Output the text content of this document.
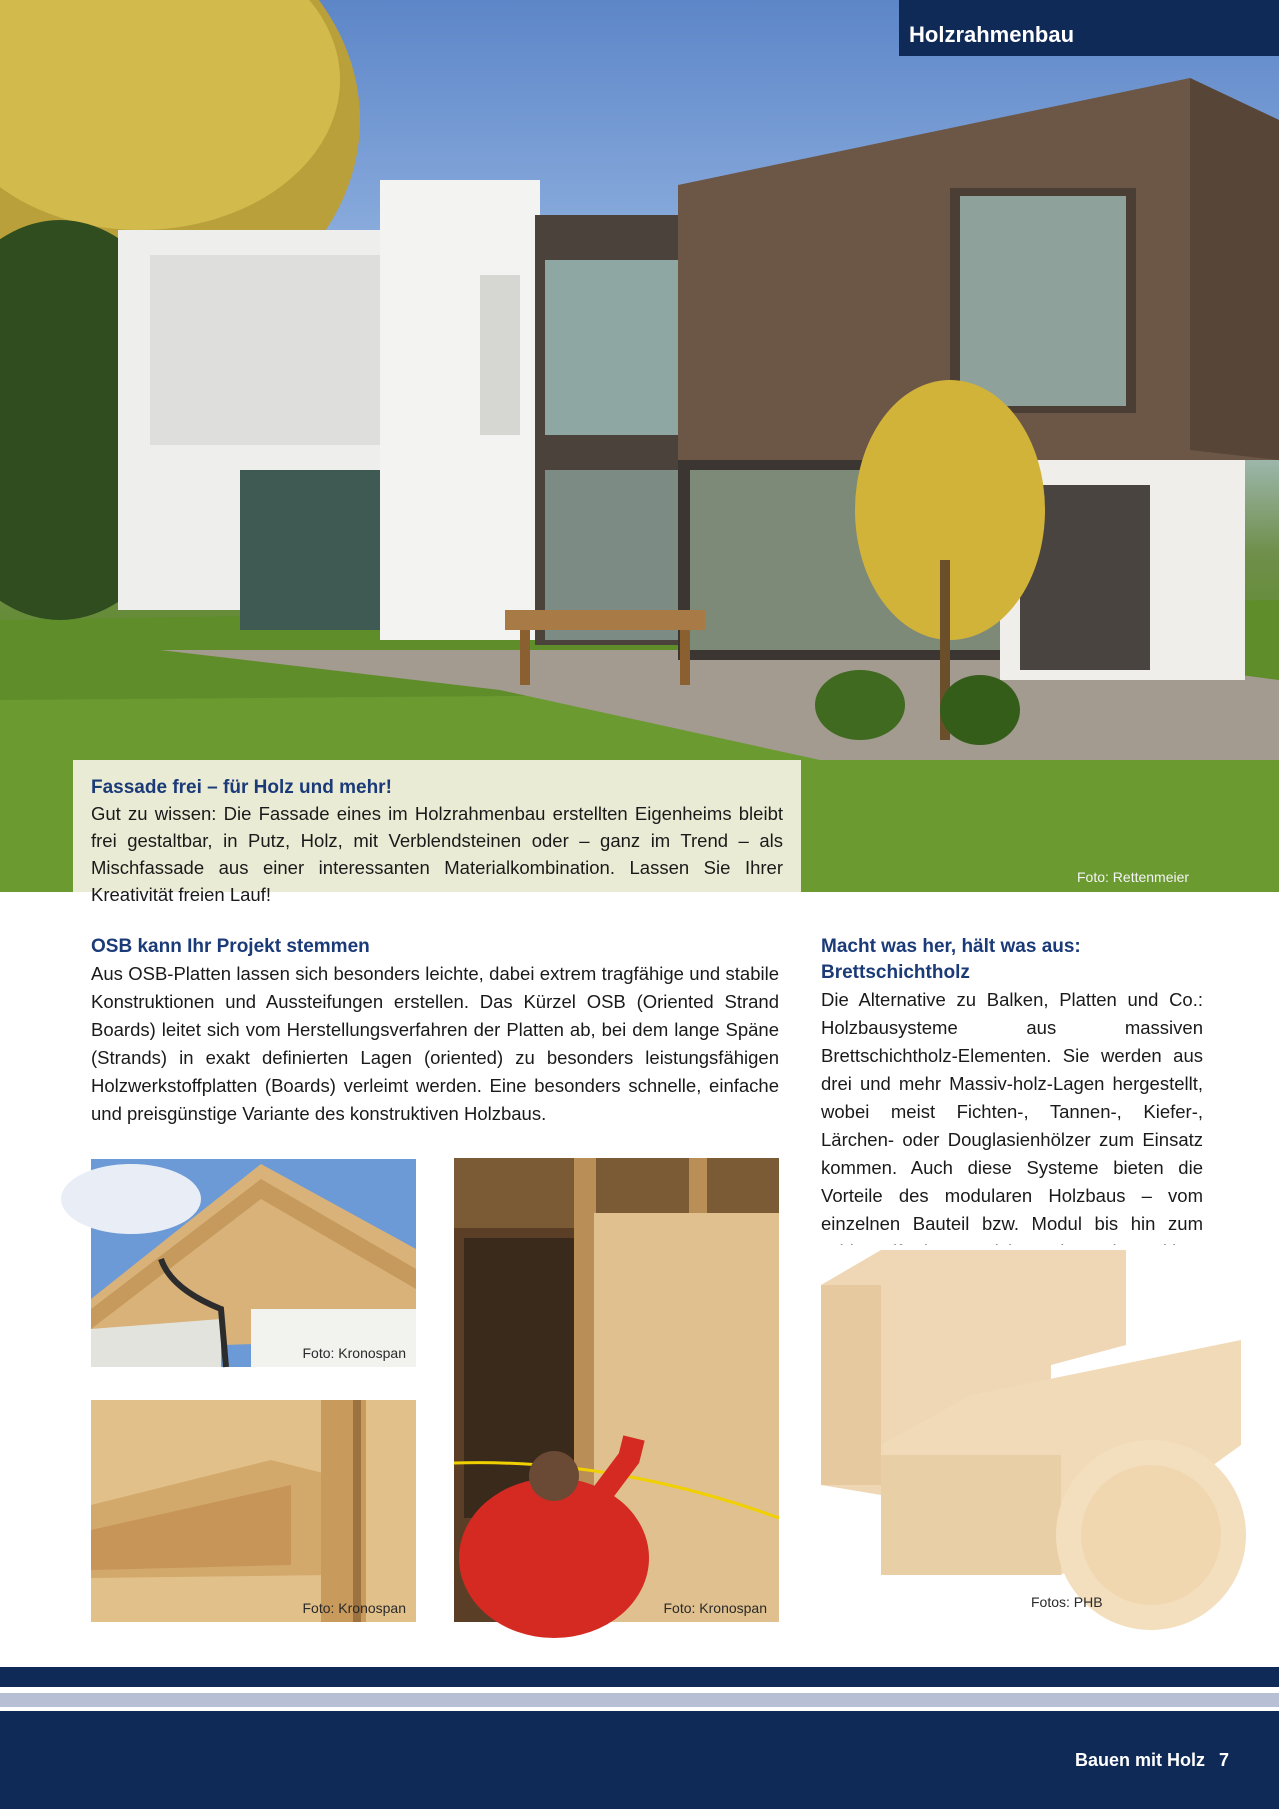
Holzrahmenbau
Fassade frei – für Holz und mehr!
Gut zu wissen: Die Fassade eines im Holzrahmenbau erstellten Eigenheims bleibt frei gestaltbar, in Putz, Holz, mit Verblendsteinen oder – ganz im Trend – als Mischfassade aus einer interessanten Materialkombination. Lassen Sie Ihrer Kreativität freien Lauf!
Foto: Rettenmeier
OSB kann Ihr Projekt stemmen
Aus OSB-Platten lassen sich besonders leichte, dabei extrem tragfähige und stabile Konstruktionen und Aussteifungen erstellen. Das Kürzel OSB (Oriented Strand Boards) leitet sich vom Herstellungsverfahren der Platten ab, bei dem lange Späne (Strands) in exakt definierten Lagen (oriented) zu besonders leistungsfähigen Holzwerkstoffplatten (Boards) verleimt werden. Eine besonders schnelle, einfache und preisgünstige Variante des konstruktiven Holzbaus.
Macht was her, hält was aus: Brettschichtholz
Die Alternative zu Balken, Platten und Co.: Holzbausysteme aus massiven Brettschichtholz-Elementen. Sie werden aus drei und mehr Massiv-holz-Lagen hergestellt, wobei meist Fichten-, Tannen-, Kiefer-, Lärchen- oder Douglasienhölzer zum Einsatz kommen. Auch diese Systeme bieten die Vorteile des modularen Holzbaus – vom einzelnen Bauteil bzw. Modul bis hin zum
Foto: Kronospan
Foto: Kronospan	Foto: Kronospan	Fotos: PHB
Bauen mit Holz 7
